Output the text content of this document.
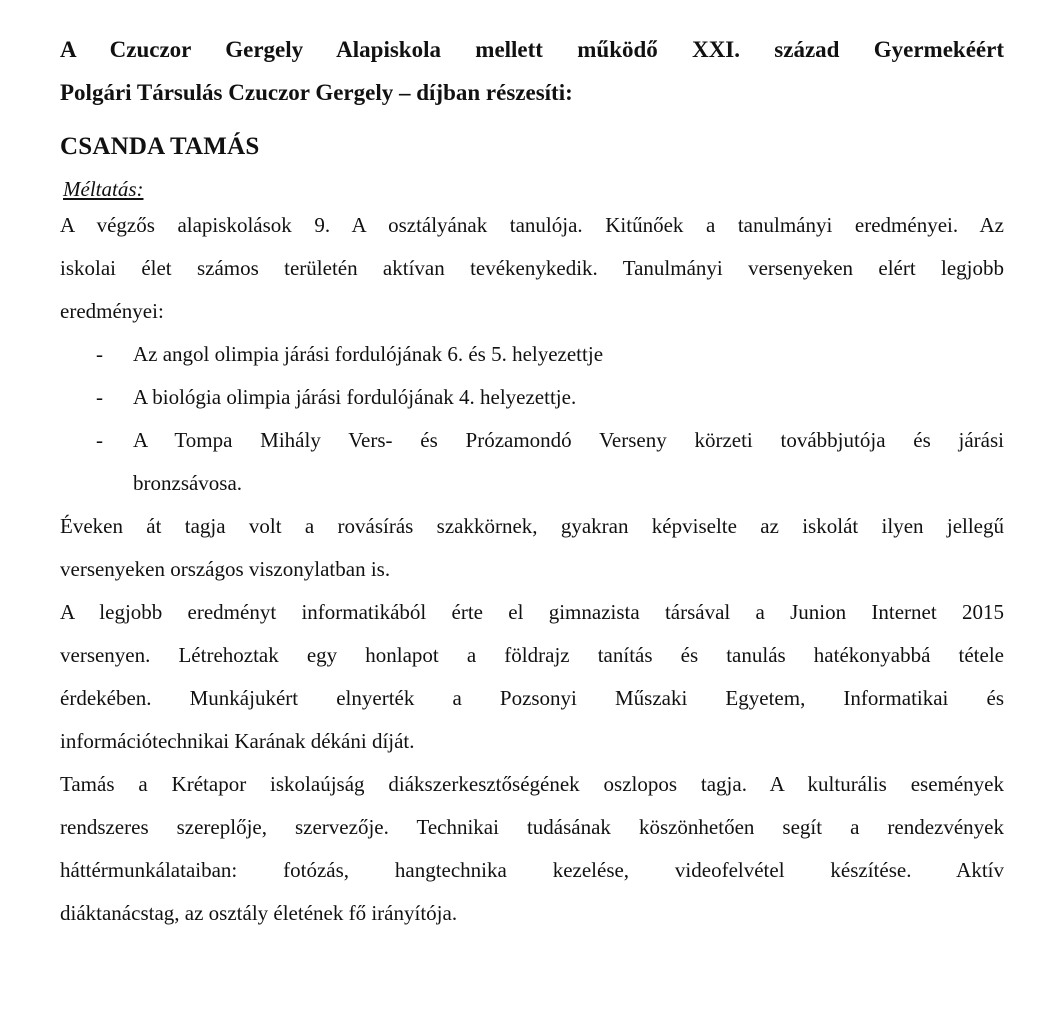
A Czuczor Gergely Alapiskola mellett működő XXI. század Gyermekéért
Polgári Társulás Czuczor Gergely – díjban részesíti:
CSANDA TAMÁS
Méltatás:
A végzős alapiskolások 9. A osztályának tanulója. Kitűnőek a tanulmányi eredményei. Az
iskolai élet számos területén aktívan tevékenykedik. Tanulmányi versenyeken elért legjobb
eredményei:
- Az angol olimpia járási fordulójának 6. és 5. helyezettje
- A biológia olimpia járási fordulójának 4. helyezettje.
- A Tompa Mihály Vers- és Prózamondó Verseny körzeti továbbjutója és járási
bronzsávosa.
Éveken át tagja volt a rovásírás szakkörnek, gyakran képviselte az iskolát ilyen jellegű
versenyeken országos viszonylatban is.
A legjobb eredményt informatikából érte el gimnazista társával a Junion Internet 2015
versenyen. Létrehoztak egy honlapot a földrajz tanítás és tanulás hatékonyabbá tétele
érdekében. Munkájukért elnyerték a Pozsonyi Műszaki Egyetem, Informatikai és
információtechnikai Karának dékáni díját.
Tamás a Krétapor iskolaújság diákszerkesztőségének oszlopos tagja. A kulturális események
rendszeres szereplője, szervezője. Technikai tudásának köszönhetően segít a rendezvények
háttérmunkálataiban: fotózás, hangtechnika kezelése, videofelvétel készítése. Aktív
diáktanácstag, az osztály életének fő irányítója.
